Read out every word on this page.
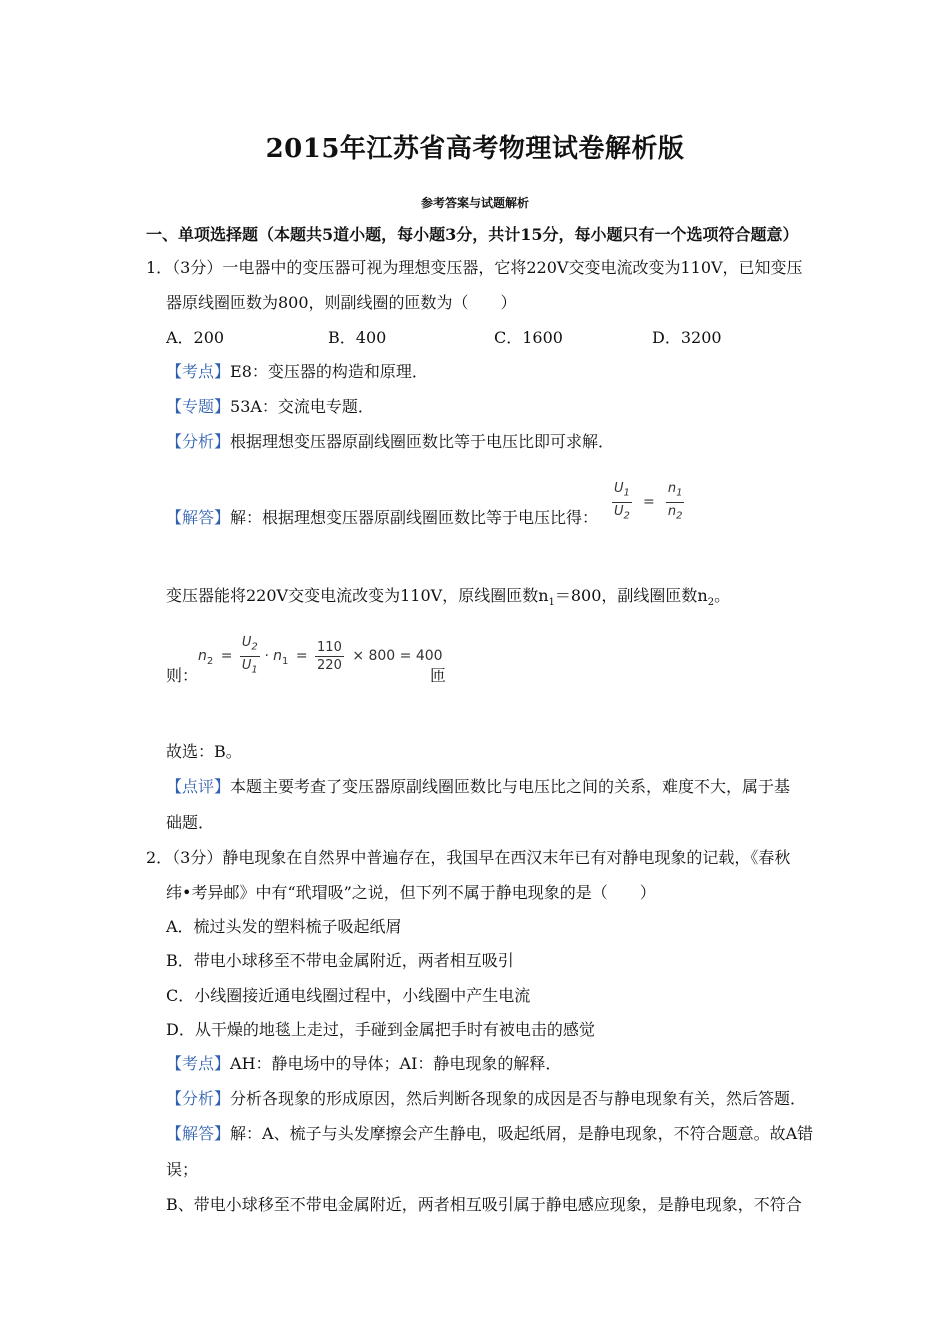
2015年江苏省高考物理试卷解析版
参考答案与试题解析
一、单项选择题（本题共5道小题，每小题3分，共计15分，每小题只有一个选项符合题意）
1．（3分）一电器中的变压器可视为理想变压器，它将220V交变电流改变为110V，已知变压
器原线圈匝数为800，则副线圈的匝数为（　　）
A．200	B．400	C．1600	D．3200
【考点】E8：变压器的构造和原理．
【专题】53A：交流电专题．
【分析】根据理想变压器原副线圈匝数比等于电压比即可求解．
【解答】解：根据理想变压器原副线圈匝数比等于电压比得： $\frac{U_1}{U_2} = \frac{n_1}{n_2}$
变压器能将220V交变电流改变为110V，原线圈匝数$n_1=800$，副线圈匝数$n_2$。
则：
$n_2 = \frac{U_2}{U_1} \cdot n_1 = \frac{110}{220} \times 800 = 400$
匝
故选：B。
【点评】本题主要考查了变压器原副线圈匝数比与电压比之间的关系，难度不大，属于基
础题．
2．（3分）静电现象在自然界中普遍存在，我国早在西汉末年已有对静电现象的记载，《春秋
纬•考异邮》中有“玳瑁吸”之说，但下列不属于静电现象的是（　　）
A．梳过头发的塑料梳子吸起纸屑
B．带电小球移至不带电金属附近，两者相互吸引
C．小线圈接近通电线圈过程中，小线圈中产生电流
D．从干燥的地毯上走过，手碰到金属把手时有被电击的感觉
【考点】AH：静电场中的导体；AI：静电现象的解释．
【分析】分析各现象的形成原因，然后判断各现象的成因是否与静电现象有关，然后答题．
【解答】解：A、梳子与头发摩擦会产生静电，吸起纸屑，是静电现象，不符合题意。故A错
误；
B、带电小球移至不带电金属附近，两者相互吸引属于静电感应现象，是静电现象，不符合
